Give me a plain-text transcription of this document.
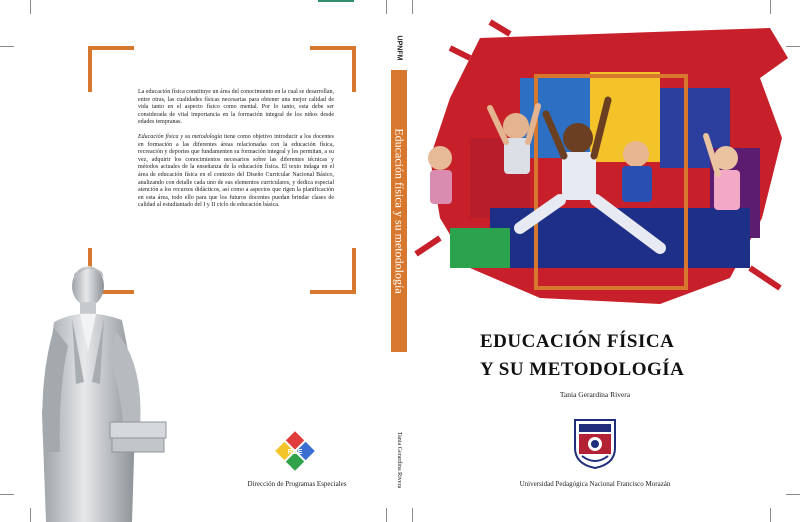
La educación física constituye un área del conocimiento en la cual se desarrollan, entre otras, las cualidades físicas necesarias para obtener una mejor calidad de vida tanto en el aspecto físico como mental. Por lo tanto, esta debe ser considerada de vital importancia en la formación integral de los niños desde edades tempranas.

Educación física y su metodología tiene como objetivo introducir a los docentes en formación a las diferentes áreas relacionadas con la educación física, recreación y deportes que fundamenten su formación integral y les permitan, a su vez, adquirir los conocimientos necesarios sobre las diferentes técnicas y métodos actuales de la enseñanza de la educación física. El texto indaga en el área de educación física en el contexto del Diseño Curricular Nacional Básico, analizando con detalle cada uno de sus elementos curriculares, y dedica especial atención a los recursos didácticos, así como a aspectos que rigen la planificación en esta área, todo ello para que los futuros docentes puedan brindar clases de calidad al estudiantado del I y II ciclo de educación básica.

RDE
Dirección de Programas Especiales
UPNFM
Educación física y su metodología
Tania Gerardina Rivera
EDUCACIÓN FÍSICA
Y SU METODOLOGÍA
Tania Gerardina Rivera
Universidad Pedagógica Nacional Francisco Morazán
